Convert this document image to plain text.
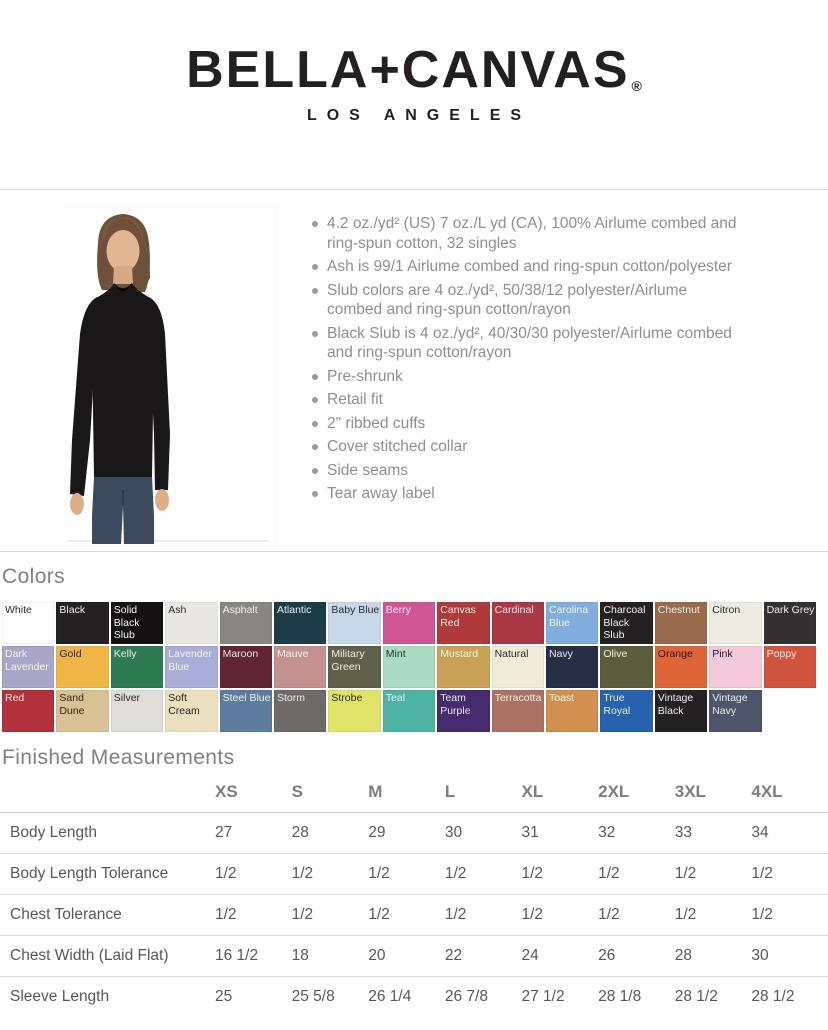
BELLA+CANVAS ®
LOS ANGELES
4.2 oz./yd² (US) 7 oz./L yd (CA), 100% Airlume combed and ring-spun cotton, 32 singles
Ash is 99/1 Airlume combed and ring-spun cotton/polyester
Slub colors are 4 oz./yd², 50/38/12 polyester/Airlume combed and ring-spun cotton/rayon
Black Slub is 4 oz./yd², 40/30/30 polyester/Airlume combed and ring-spun cotton/rayon
Pre-shrunk
Retail fit
2" ribbed cuffs
Cover stitched collar
Side seams
Tear away label
Colors
White	Black	Solid Black Slub
Ash	Asphalt	Atlantic	Baby Blue Berry	Canvas Red
Cardinal	Carolina Blue
Charcoal Black Slub
Chestnut	Citron	Dark Grey
Dark Lavender
Gold	Kelly	Lavender Blue
Maroon	Mauve	Military Green
Mint	Mustard	Natural	Navy	Olive	Orange	Pink	Poppy
Red	Sand Dune
Silver	Soft Cream
Steel Blue Storm	Strobe	Teal	Team Purple
Terracotta Toast	True Royal
Vintage Black
Vintage Navy
Finished Measurements
	XS	S	M	L	XL	2XL	3XL	4XL
Body Length	27	28	29	30	31	32	33	34
Body Length Tolerance	1/2	1/2	1/2	1/2	1/2	1/2	1/2	1/2
Chest Tolerance	1/2	1/2	1/2	1/2	1/2	1/2	1/2	1/2
Chest Width (Laid Flat)	16 1/2	18	20	22	24	26	28	30
Sleeve Length	25	25 5/8	26 1/4	26 7/8	27 1/2	28 1/8	28 1/2	28 1/2
